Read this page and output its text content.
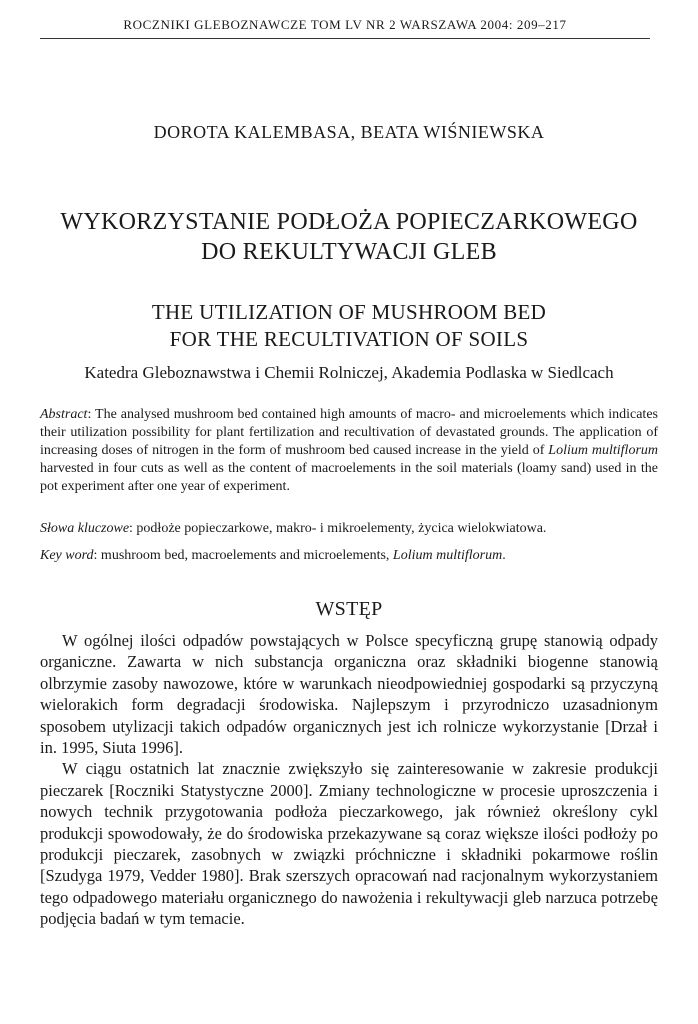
ROCZNIKI GLEBOZNAWCZE TOM LV NR 2 WARSZAWA 2004: 209–217
DOROTA KALEMBASA, BEATA WIŚNIEWSKA
WYKORZYSTANIE PODŁOŻA POPIECZARKOWEGO
DO REKULTYWACJI GLEB
THE UTILIZATION OF MUSHROOM BED
FOR THE RECULTIVATION OF SOILS
Katedra Gleboznawstwa i Chemii Rolniczej, Akademia Podlaska w Siedlcach

Abstract: The analysed mushroom bed contained high amounts of macro- and microelements which indicates their utilization possibility for plant fertilization and recultivation of devastated grounds. The application of increasing doses of nitrogen in the form of mushroom bed caused increase in the yield of Lolium multiflorum harvested in four cuts as well as the content of macroelements in the soil materials (loamy sand) used in the pot experiment after one year of experiment.

Słowa kluczowe: podłoże popieczarkowe, makro- i mikroelementy, życica wielokwiatowa.
Key word: mushroom bed, macroelements and microelements, Lolium multiflorum.
WSTĘP

W ogólnej ilości odpadów powstających w Polsce specyficzną grupę stanowią odpady organiczne. Zawarta w nich substancja organiczna oraz składniki biogenne stanowią olbrzymie zasoby nawozowe, które w warunkach nieodpowiedniej gospodarki są przyczyną wielorakich form degradacji środowiska. Najlepszym i przyrodniczo uzasadnionym sposobem utylizacji takich odpadów organicznych jest ich rolnicze wykorzystanie [Drzał i in. 1995, Siuta 1996].

W ciągu ostatnich lat znacznie zwiększyło się zainteresowanie w zakresie produkcji pieczarek [Roczniki Statystyczne 2000]. Zmiany technologiczne w procesie uproszczenia i nowych technik przygotowania podłoża pieczarkowego, jak również określony cykl produkcji spowodowały, że do środowiska przekazywane są coraz większe ilości podłoży po produkcji pieczarek, zasobnych w związki próchniczne i składniki pokarmowe roślin [Szudyga 1979, Vedder 1980]. Brak szerszych opracowań nad racjonalnym wykorzystaniem tego odpadowego materiału organicznego do nawożenia i rekultywacji gleb narzuca potrzebę podjęcia badań w tym temacie.
